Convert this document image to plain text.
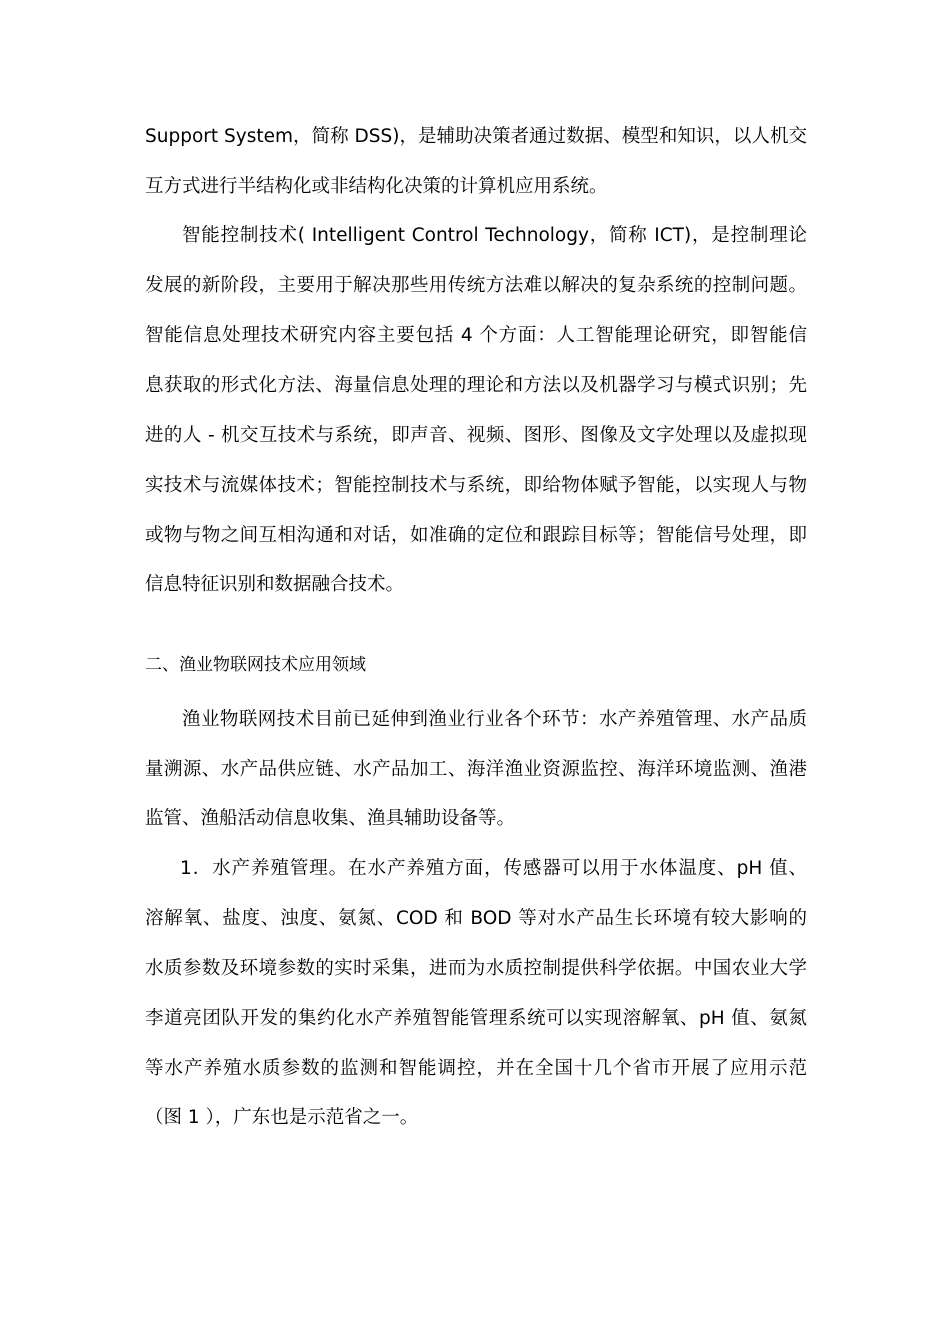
Support System，简称 DSS)，是辅助决策者通过数据、模型和知识，以人机交
互方式进行半结构化或非结构化决策的计算机应用系统。
智能控制技术( Intelligent Control Technology，简称 ICT)，是控制理论
发展的新阶段，主要用于解决那些用传统方法难以解决的复杂系统的控制问题。
智能信息处理技术研究内容主要包括 4 个方面：人工智能理论研究，即智能信
息获取的形式化方法、海量信息处理的理论和方法以及机器学习与模式识别；先
进的人 - 机交互技术与系统，即声音、视频、图形、图像及文字处理以及虚拟现
实技术与流媒体技术；智能控制技术与系统，即给物体赋予智能，以实现人与物
或物与物之间互相沟通和对话，如准确的定位和跟踪目标等；智能信号处理，即
信息特征识别和数据融合技术。
二、渔业物联网技术应用领域
渔业物联网技术目前已延伸到渔业行业各个环节：水产养殖管理、水产品质
量溯源、水产品供应链、水产品加工、海洋渔业资源监控、海洋环境监测、渔港
监管、渔船活动信息收集、渔具辅助设备等。
1．水产养殖管理。在水产养殖方面，传感器可以用于水体温度、pH 值、
溶解氧、盐度、浊度、氨氮、COD 和 BOD 等对水产品生长环境有较大影响的
水质参数及环境参数的实时采集，进而为水质控制提供科学依据。中国农业大学
李道亮团队开发的集约化水产养殖智能管理系统可以实现溶解氧、pH 值、氨氮
等水产养殖水质参数的监测和智能调控，并在全国十几个省市开展了应用示范
（图 1 ），广东也是示范省之一。
